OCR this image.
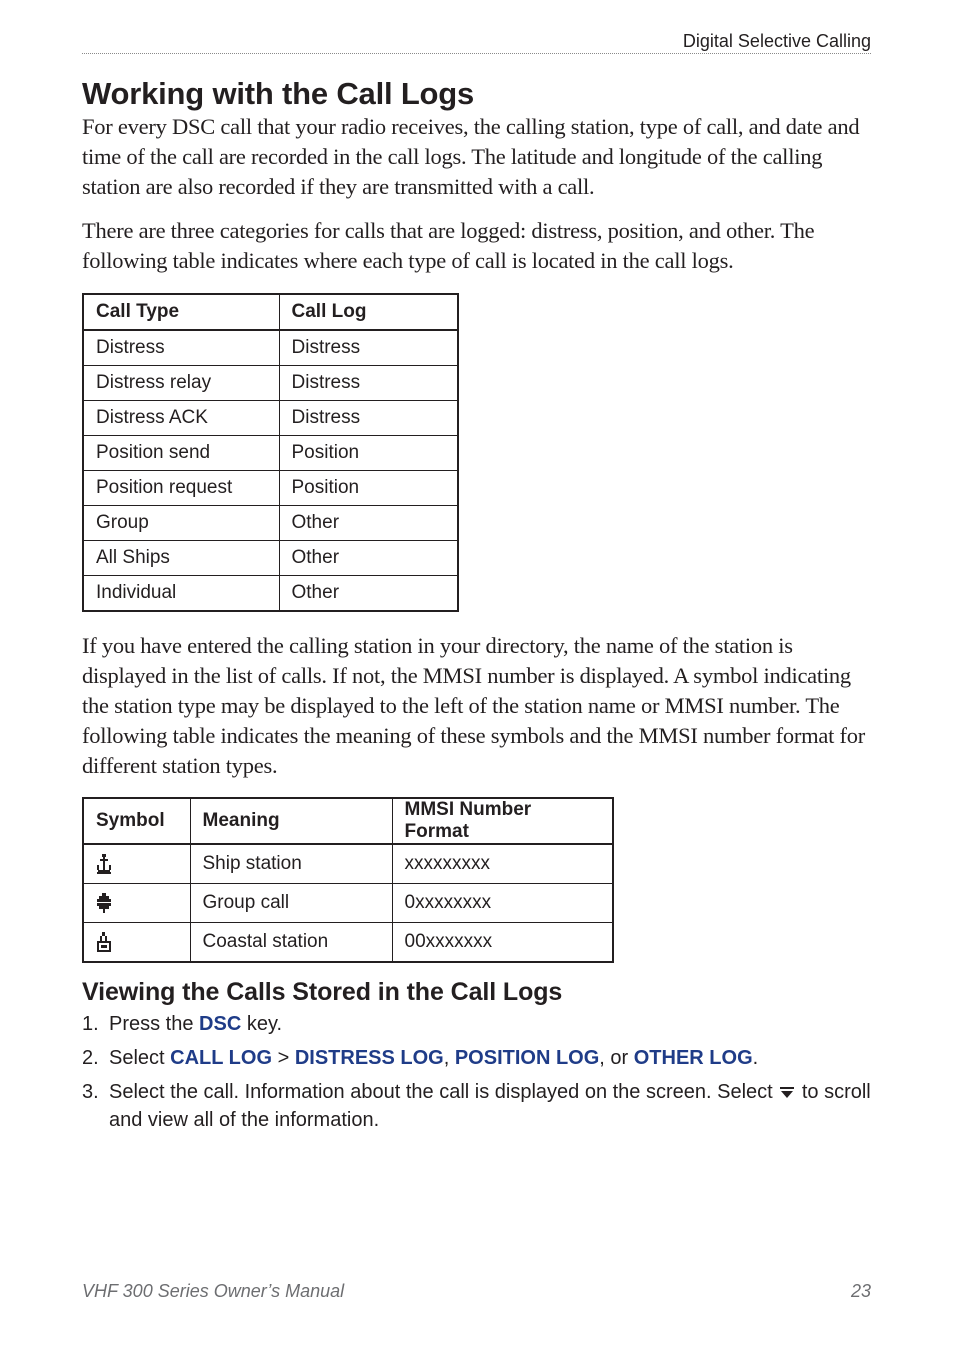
Digital Selective Calling
Working with the Call Logs

For every DSC call that your radio receives, the calling station, type of call, and date and time of the call are recorded in the call logs. The latitude and longitude of the calling station are also recorded if they are transmitted with a call.

There are three categories for calls that are logged: distress, position, and other. The following table indicates where each type of call is located in the call logs.

Call Type	Call Log
Distress	Distress
Distress relay	Distress
Distress ACK	Distress
Position send	Position
Position request	Position
Group	Other
All Ships	Other
Individual	Other

If you have entered the calling station in your directory, the name of the station is displayed in the list of calls. If not, the MMSI number is displayed. A symbol indicating the station type may be displayed to the left of the station name or MMSI number. The following table indicates the meaning of these symbols and the MMSI number format for different station types.

Symbol	Meaning	MMSI Number Format

	Ship station	xxxxxxxxx

	Group call	0xxxxxxxx

	Coastal station	00xxxxxxx
Viewing the Calls Stored in the Call Logs
1. Press the DSC key.
2. Select CALL LOG > DISTRESS LOG, POSITION LOG, or OTHER LOG.
3. Select the call. Information about the call is displayed on the screen. Select  to scroll and view all of the information.
VHF 300 Series Owner’s Manual	23
